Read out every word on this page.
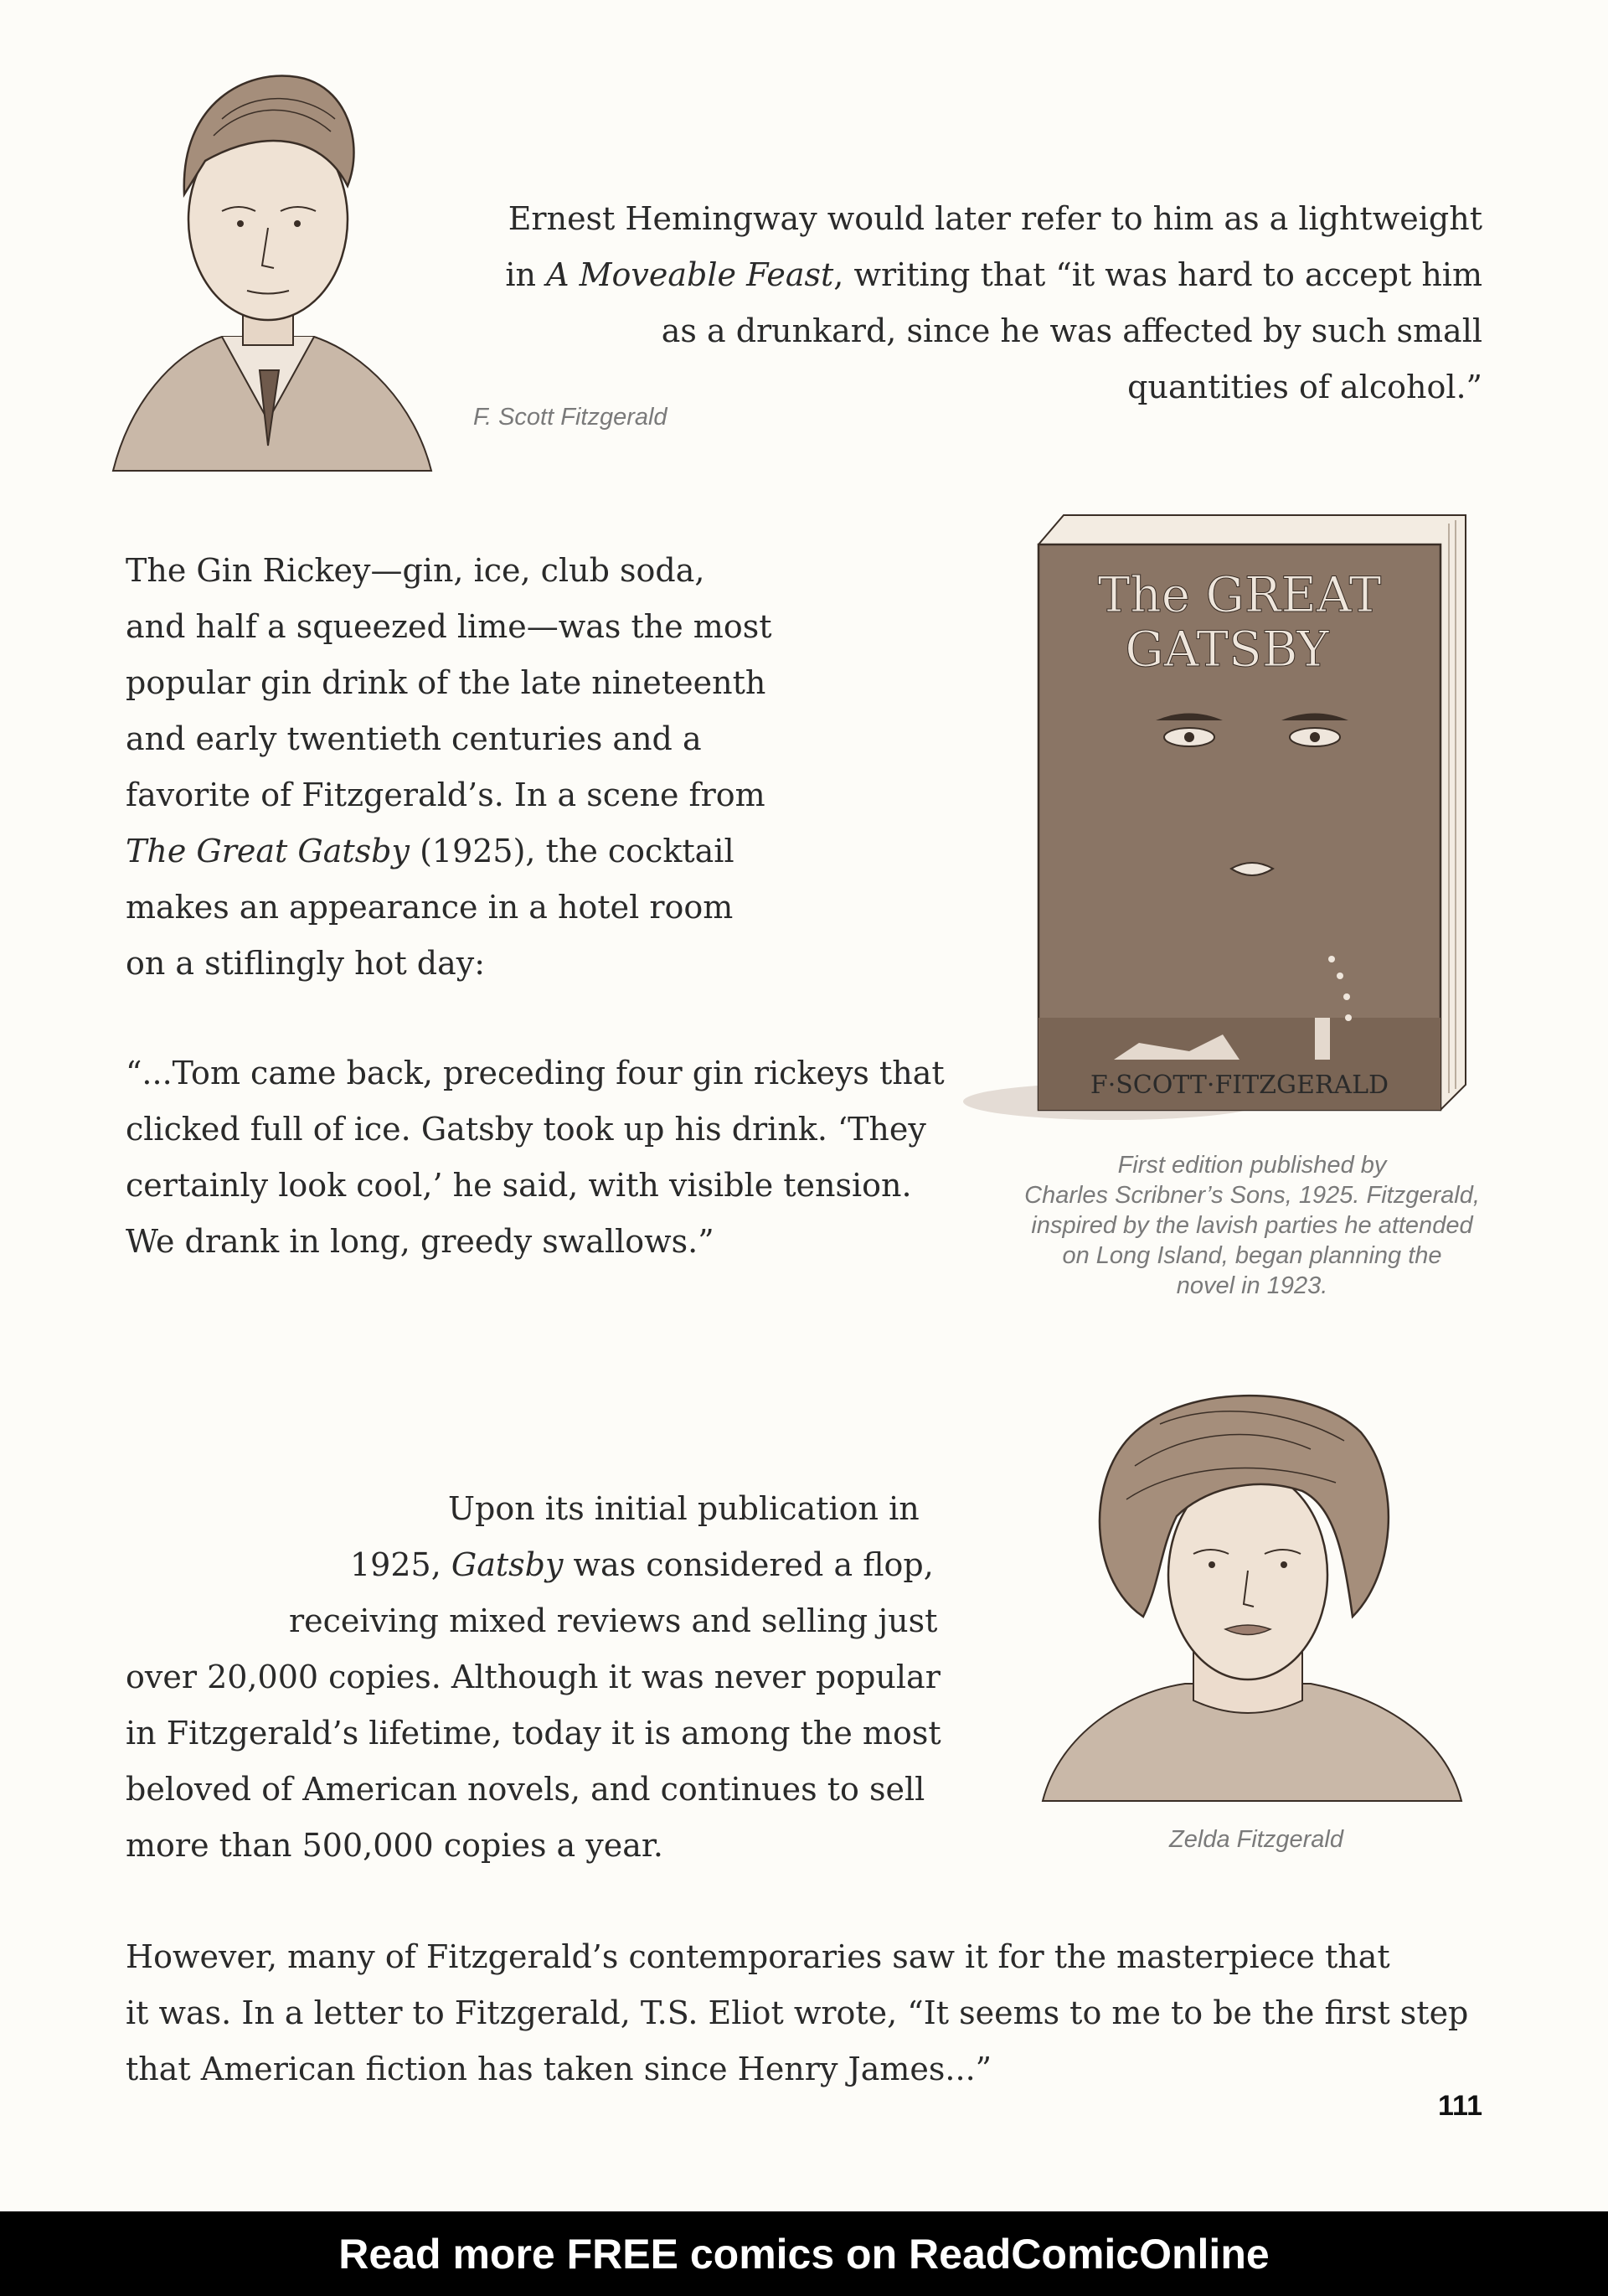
F. Scott Fitzgerald

Ernest Hemingway would later refer to him as a lightweight

in A Moveable Feast, writing that “it was hard to accept him

as a drunkard, since he was affected by such small

quantities of alcohol.”

The Gin Rickey—gin, ice, club soda,

and half a squeezed lime—was the most

popular gin drink of the late nineteenth

and early twentieth centuries and a

favorite of Fitzgerald’s. In a scene from

The Great Gatsby (1925), the cocktail

makes an appearance in a hotel room

on a stiflingly hot day:

“...Tom came back, preceding four gin rickeys that

clicked full of ice. Gatsby took up his drink. ‘They

certainly look cool,’ he said, with visible tension.

We drank in long, greedy swallows.”

The GREAT
GATSBY
F·SCOTT·FITZGERALD

First edition published by

Charles Scribner’s Sons, 1925. Fitzgerald,

inspired by the lavish parties he attended

on Long Island, began planning the

novel in 1923.

Upon its initial publication in

1925, Gatsby was considered a flop,

receiving mixed reviews and selling just

over 20,000 copies. Although it was never popular

in Fitzgerald’s lifetime, today it is among the most

beloved of American novels, and continues to sell

more than 500,000 copies a year.	Zelda Fitzgerald

However, many of Fitzgerald’s contemporaries saw it for the masterpiece that

it was. In a letter to Fitzgerald, T.S. Eliot wrote, “It seems to me to be the first step

that American fiction has taken since Henry James...”

111
Read more FREE comics on ReadComicOnline
